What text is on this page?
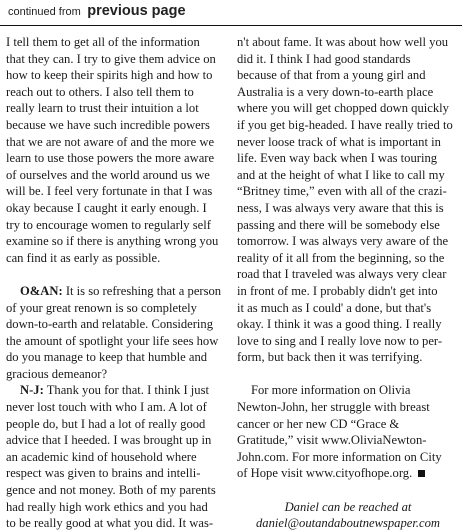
continued from previous page
I tell them to get all of the information
that they can. I try to give them advice on
how to keep their spirits high and how to
reach out to others. I also tell them to
really learn to trust their intuition a lot
because we have such incredible powers
that we are not aware of and the more we
learn to use those powers the more aware
of ourselves and the world around us we
will be. I feel very fortunate in that I was
okay because I caught it early enough. I
try to encourage women to regularly self
examine so if there is anything wrong you
can find it as early as possible.
O&AN: It is so refreshing that a person
of your great renown is so completely
down-to-earth and relatable. Considering
the amount of spotlight your life sees how
do you manage to keep that humble and
gracious demeanor?
N-J: Thank you for that. I think I just
never lost touch with who I am. A lot of
people do, but I had a lot of really good
advice that I heeded. I was brought up in
an academic kind of household where
respect was given to brains and intelli-
gence and not money. Both of my parents
had really high work ethics and you had
to be really good at what you did. It was-
n't about fame. It was about how well you
did it. I think I had good standards
because of that from a young girl and
Australia is a very down-to-earth place
where you will get chopped down quickly
if you get big-headed. I have really tried to
never loose track of what is important in
life. Even way back when I was touring
and at the height of what I like to call my
“Britney time,” even with all of the crazi-
ness, I was always very aware that this is
passing and there will be somebody else
tomorrow. I was always very aware of the
reality of it all from the beginning, so the
road that I traveled was always very clear
in front of me. I probably didn't get into
it as much as I could' a done, but that's
okay. I think it was a good thing. I really
love to sing and I really love now to per-
form, but back then it was terrifying.
For more information on Olivia
Newton-John, her struggle with breast
cancer or her new CD “Grace &
Gratitude,” visit www.OliviaNewton-
John.com. For more information on City
of Hope visit www.cityofhope.org.
Daniel can be reached at
daniel@outandaboutnewspaper.com
